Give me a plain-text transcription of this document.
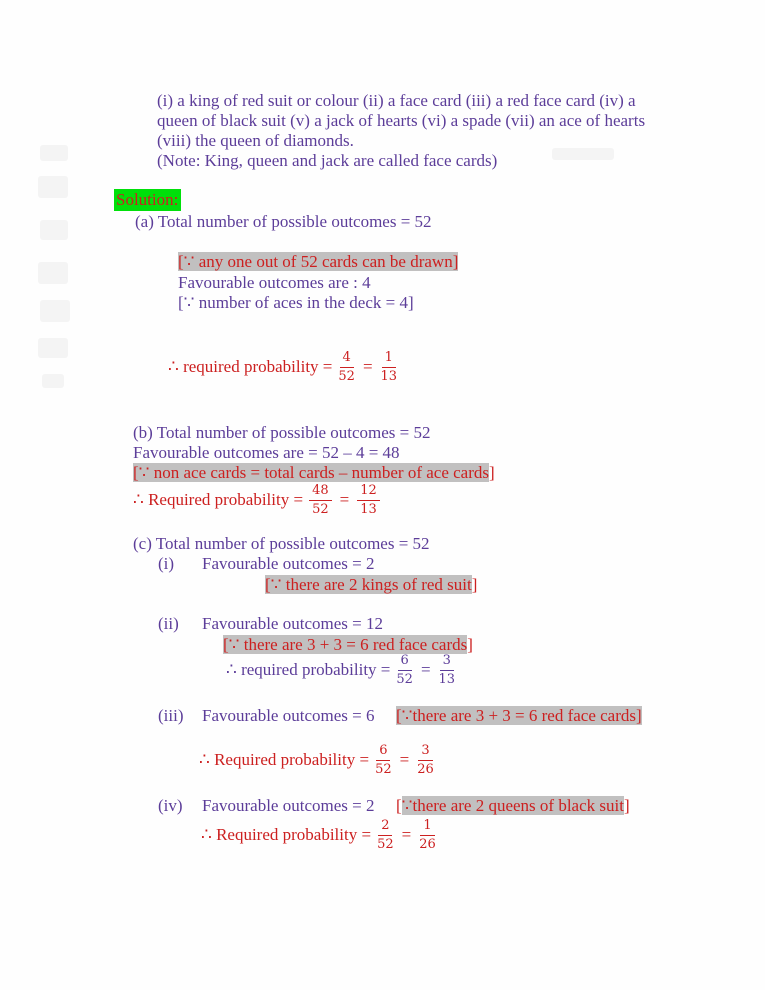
(i) a king of red suit or colour (ii) a face card (iii) a red face card (iv) a
queen of black suit (v) a jack of hearts (vi) a spade (vii) an ace of hearts
(viii) the queen of diamonds.
(Note: King, queen and jack are called face cards)
Solution:
(a) Total number of possible outcomes = 52
[∵ any one out of 52 cards can be drawn]
Favourable outcomes are : 4
[∵ number of aces in the deck = 4]
∴ required probability = $\frac{4}{52} = \frac{1}{13}$
(b) Total number of possible outcomes = 52
Favourable outcomes are = 52 – 4 = 48
[∵ non ace cards = total cards – number of ace cards]
∴ Required probability = $\frac{48}{52} = \frac{12}{13}$
(c) Total number of possible outcomes = 52
(i) Favourable outcomes = 2
[∵ there are 2 kings of red suit]
(ii) Favourable outcomes = 12
[∵ there are 3 + 3 = 6 red face cards]
∴ required probability = $\frac{6}{52} = \frac{3}{13}$
(iii) Favourable outcomes = 6 [∵there are 3 + 3 = 6 red face cards]
∴ Required probability = $\frac{6}{52} = \frac{3}{26}$
(iv) Favourable outcomes = 2 [∵there are 2 queens of black suit]
∴ Required probability = $\frac{2}{52} = \frac{1}{26}$
